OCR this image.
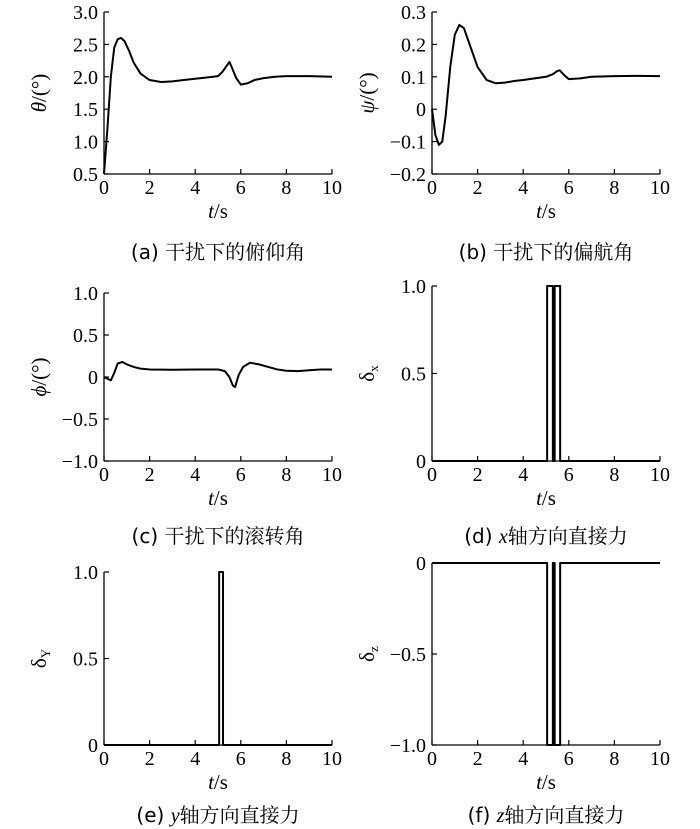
0 2 4 6 8 10
0.5
1.0
1.5
2.0
2.5
3.0
t/s
θ/(°)
(a) 干扰下的俯仰角
0 2 4 6 8 10
−0.2
−0.1
0
0.1
0.2
0.3
t/s
ψ/(°)
(b) 干扰下的偏航角
0 2 4 6 8 10
−1.0
−0.5
0
0.5
1.0
t/s
ϕ/(°)
(c) 干扰下的滚转角
0 2 4 6 8 10
0
0.5
1.0
t/s
δx
(d) x轴方向直接力
0 2 4 6 8 10
0
0.5
1.0
t/s
δY
(e) y轴方向直接力
0 2 4 6 8 10
−1.0
−0.5
0
t/s
δz
(f) z轴方向直接力
